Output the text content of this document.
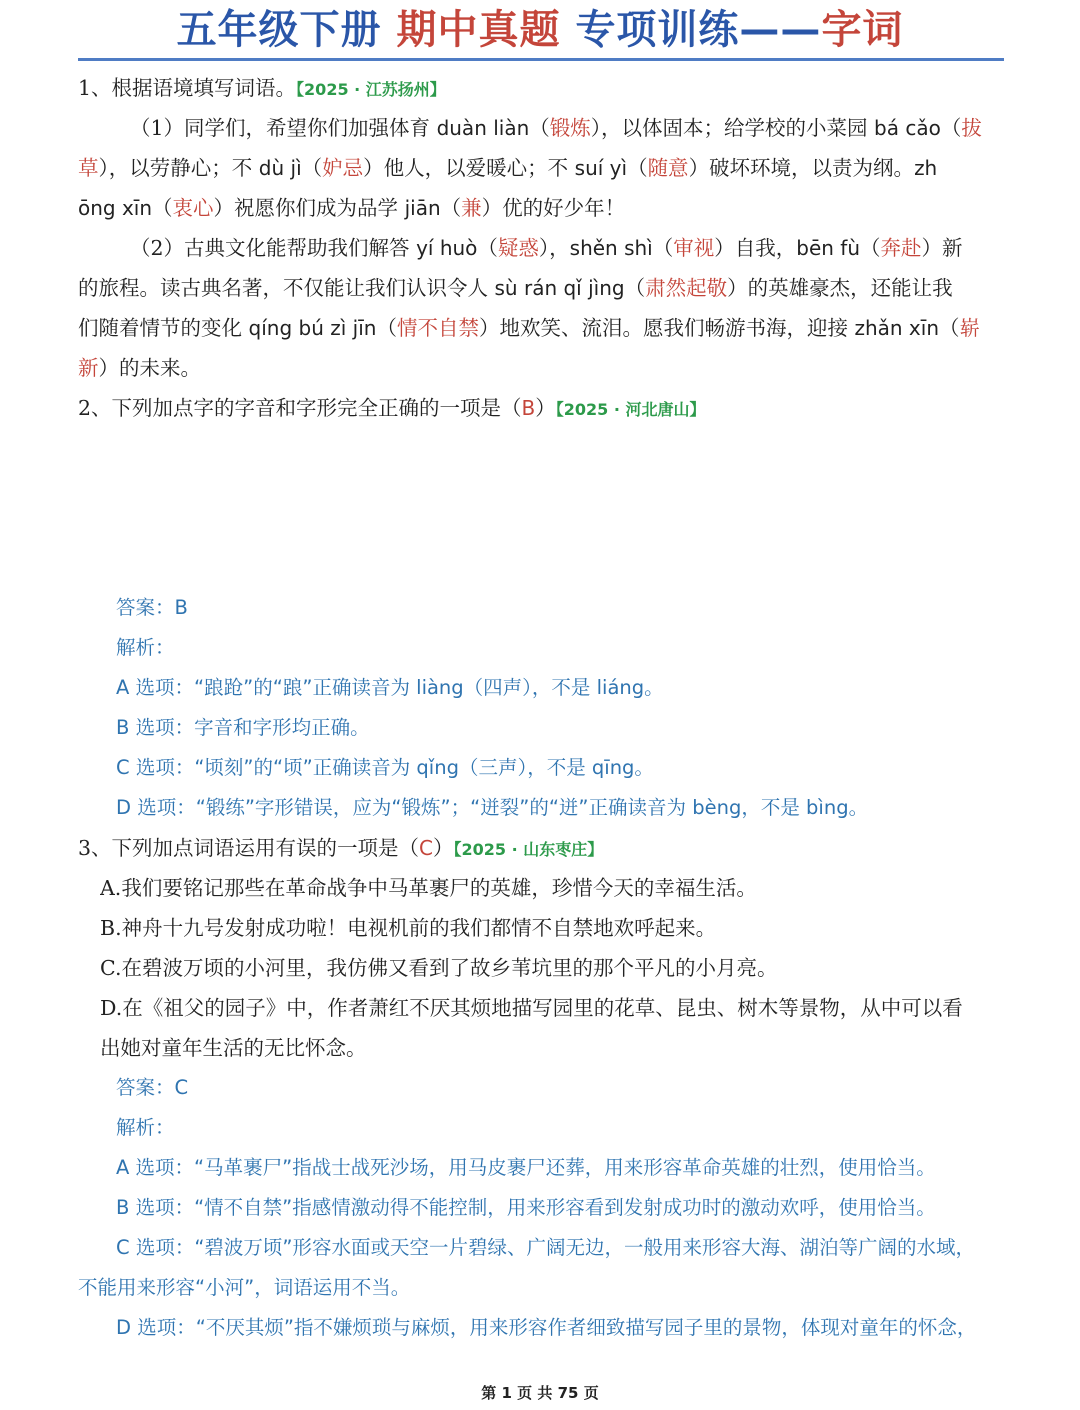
五年级下册 期中真题 专项训练——字词
1、根据语境填写词语。【2025 · 江苏扬州】
（1）同学们，希望你们加强体育 duàn liàn（锻炼），以体固本；给学校的小菜园 bá cǎo（拔
草），以劳静心；不 dù jì（妒忌）他人，以爱暖心；不 suí yì（随意）破坏环境，以责为纲。zh
ōng xīn（衷心）祝愿你们成为品学 jiān（兼）优的好少年！
（2）古典文化能帮助我们解答 yí huò（疑惑），shěn shì（审视）自我，bēn fù（奔赴）新
的旅程。读古典名著，不仅能让我们认识令人 sù rán qǐ jìng（肃然起敬）的英雄豪杰，还能让我
们随着情节的变化 qíng bú zì jīn（情不自禁）地欢笑、流泪。愿我们畅游书海，迎接 zhǎn xīn（崭
新）的未来。
2、下列加点字的字音和字形完全正确的一项是（B）【2025 · 河北唐山】
答案：B
解析：
A 选项：“踉跄”的“踉”正确读音为 liàng（四声），不是 liáng。
B 选项：字音和字形均正确。
C 选项：“顷刻”的“顷”正确读音为 qǐng（三声），不是 qīng。
D 选项：“锻练”字形错误，应为“锻炼”；“迸裂”的“迸”正确读音为 bèng，不是 bìng。
3、下列加点词语运用有误的一项是（C）【2025 · 山东枣庄】
A.我们要铭记那些在革命战争中马革裹尸的英雄，珍惜今天的幸福生活。
B.神舟十九号发射成功啦！电视机前的我们都情不自禁地欢呼起来。
C.在碧波万顷的小河里，我仿佛又看到了故乡苇坑里的那个平凡的小月亮。
D.在《祖父的园子》中，作者萧红不厌其烦地描写园里的花草、昆虫、树木等景物，从中可以看
出她对童年生活的无比怀念。
答案：C
解析：
A 选项：“马革裹尸”指战士战死沙场，用马皮裹尸还葬，用来形容革命英雄的壮烈，使用恰当。
B 选项：“情不自禁”指感情激动得不能控制，用来形容看到发射成功时的激动欢呼，使用恰当。
C 选项：“碧波万顷”形容水面或天空一片碧绿、广阔无边，一般用来形容大海、湖泊等广阔的水域，
不能用来形容“小河”，词语运用不当。
D 选项：“不厌其烦”指不嫌烦琐与麻烦，用来形容作者细致描写园子里的景物，体现对童年的怀念，
第 1 页 共 75 页
